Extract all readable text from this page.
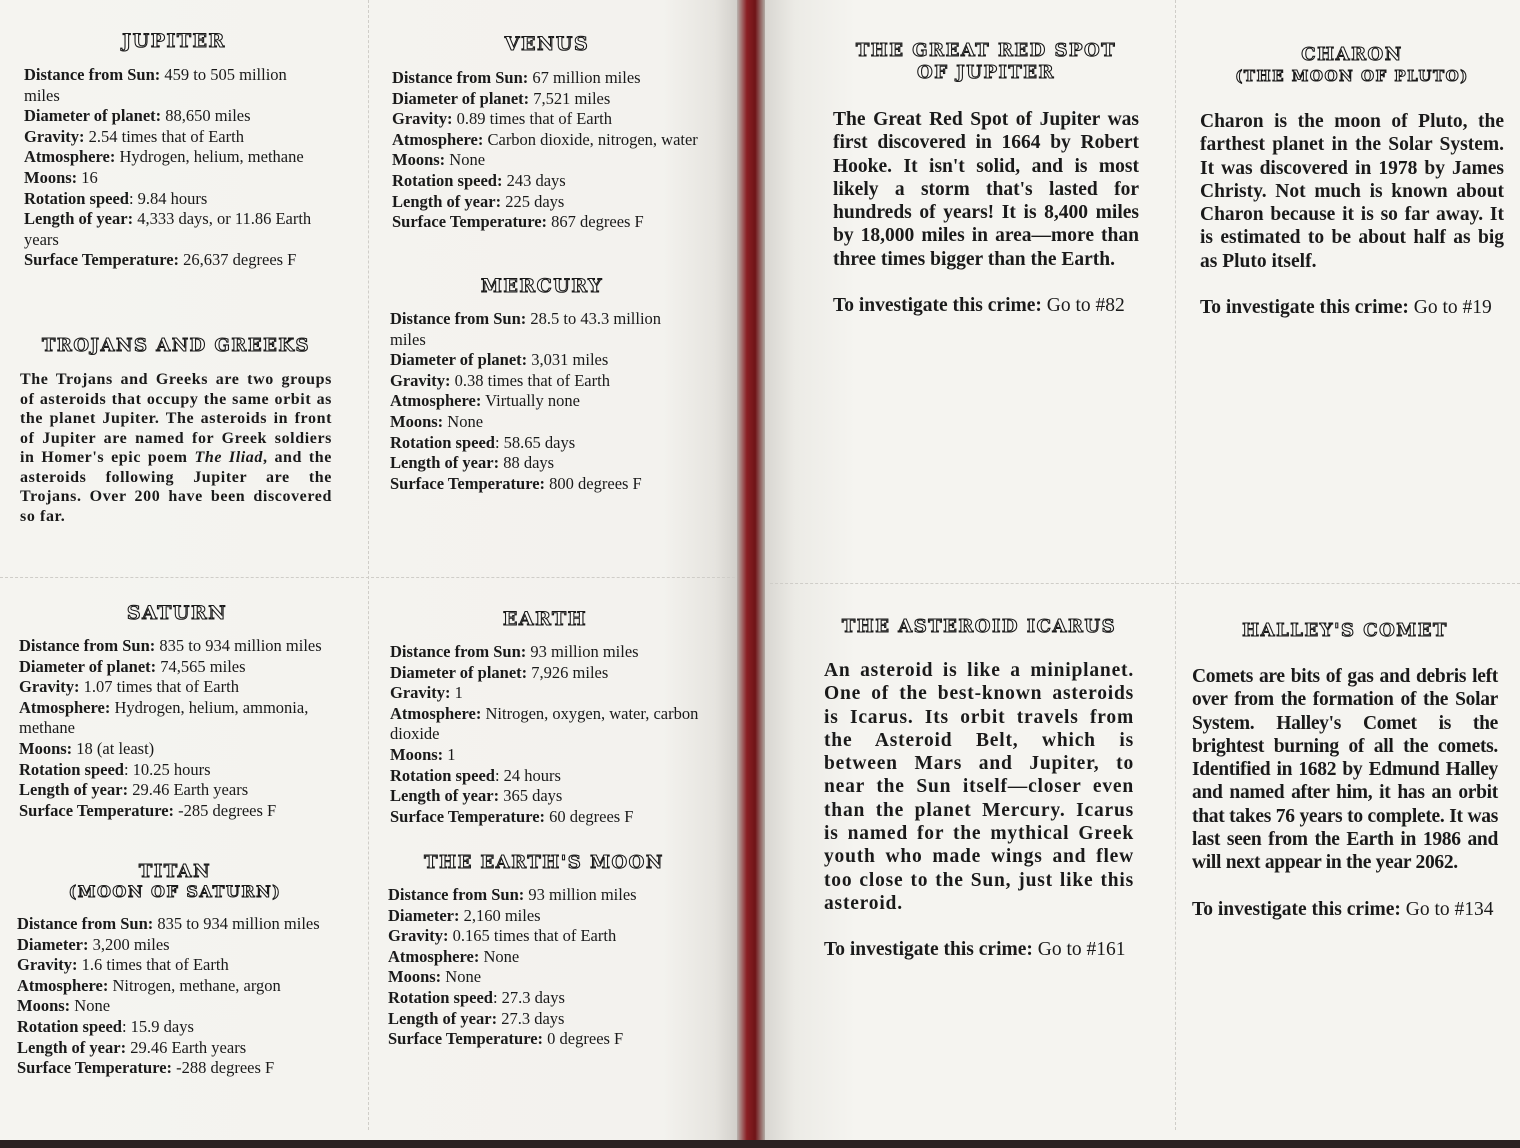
JUPITER
Distance from Sun: 459 to 505 million miles
Diameter of planet: 88,650 miles
Gravity: 2.54 times that of Earth
Atmosphere: Hydrogen, helium, methane
Moons: 16
Rotation speed: 9.84 hours
Length of year: 4,333 days, or 11.86 Earth years
Surface Temperature: 26,637 degrees F
TROJANS AND GREEKS
The Trojans and Greeks are two groups of asteroids that occupy the same orbit as the planet Jupiter. The asteroids in front of Jupiter are named for Greek soldiers in Homer's epic poem The Iliad, and the asteroids following Jupiter are the Trojans. Over 200 have been discovered so far.
VENUS
Distance from Sun: 67 million miles
Diameter of planet: 7,521 miles
Gravity: 0.89 times that of Earth
Atmosphere: Carbon dioxide, nitrogen, water
Moons: None
Rotation speed: 243 days
Length of year: 225 days
Surface Temperature: 867 degrees F
MERCURY
Distance from Sun: 28.5 to 43.3 million miles
Diameter of planet: 3,031 miles
Gravity: 0.38 times that of Earth
Atmosphere: Virtually none
Moons: None
Rotation speed: 58.65 days
Length of year: 88 days
Surface Temperature: 800 degrees F
SATURN
Distance from Sun: 835 to 934 million miles
Diameter of planet: 74,565 miles
Gravity: 1.07 times that of Earth
Atmosphere: Hydrogen, helium, ammonia, methane
Moons: 18 (at least)
Rotation speed: 10.25 hours
Length of year: 29.46 Earth years
Surface Temperature: -285 degrees F
TITAN
(MOON OF SATURN)
Distance from Sun: 835 to 934 million miles
Diameter: 3,200 miles
Gravity: 1.6 times that of Earth
Atmosphere: Nitrogen, methane, argon
Moons: None
Rotation speed: 15.9 days
Length of year: 29.46 Earth years
Surface Temperature: -288 degrees F
EARTH
Distance from Sun: 93 million miles
Diameter of planet: 7,926 miles
Gravity: 1
Atmosphere: Nitrogen, oxygen, water, carbon dioxide
Moons: 1
Rotation speed: 24 hours
Length of year: 365 days
Surface Temperature: 60 degrees F
THE EARTH'S MOON
Distance from Sun: 93 million miles
Diameter: 2,160 miles
Gravity: 0.165 times that of Earth
Atmosphere: None
Moons: None
Rotation speed: 27.3 days
Length of year: 27.3 days
Surface Temperature: 0 degrees F
THE GREAT RED SPOT
OF JUPITER
The Great Red Spot of Jupiter was first discovered in 1664 by Robert Hooke. It isn't solid, and is most likely a storm that's lasted for hundreds of years! It is 8,400 miles by 18,000 miles in area—more than three times bigger than the Earth.
To investigate this crime: Go to #82
CHARON
(THE MOON OF PLUTO)
Charon is the moon of Pluto, the farthest planet in the Solar System. It was discovered in 1978 by James Christy. Not much is known about Charon because it is so far away. It is estimated to be about half as big as Pluto itself.
To investigate this crime: Go to #19
THE ASTEROID ICARUS
An asteroid is like a miniplanet. One of the best-known asteroids is Icarus. Its orbit travels from the Asteroid Belt, which is between Mars and Jupiter, to near the Sun itself—closer even than the planet Mercury. Icarus is named for the mythical Greek youth who made wings and flew too close to the Sun, just like this asteroid.
To investigate this crime: Go to #161
HALLEY'S COMET
Comets are bits of gas and debris left over from the formation of the Solar System. Halley's Comet is the brightest burning of all the comets. Identified in 1682 by Edmund Halley and named after him, it has an orbit that takes 76 years to complete. It was last seen from the Earth in 1986 and will next appear in the year 2062.
To investigate this crime: Go to #134
